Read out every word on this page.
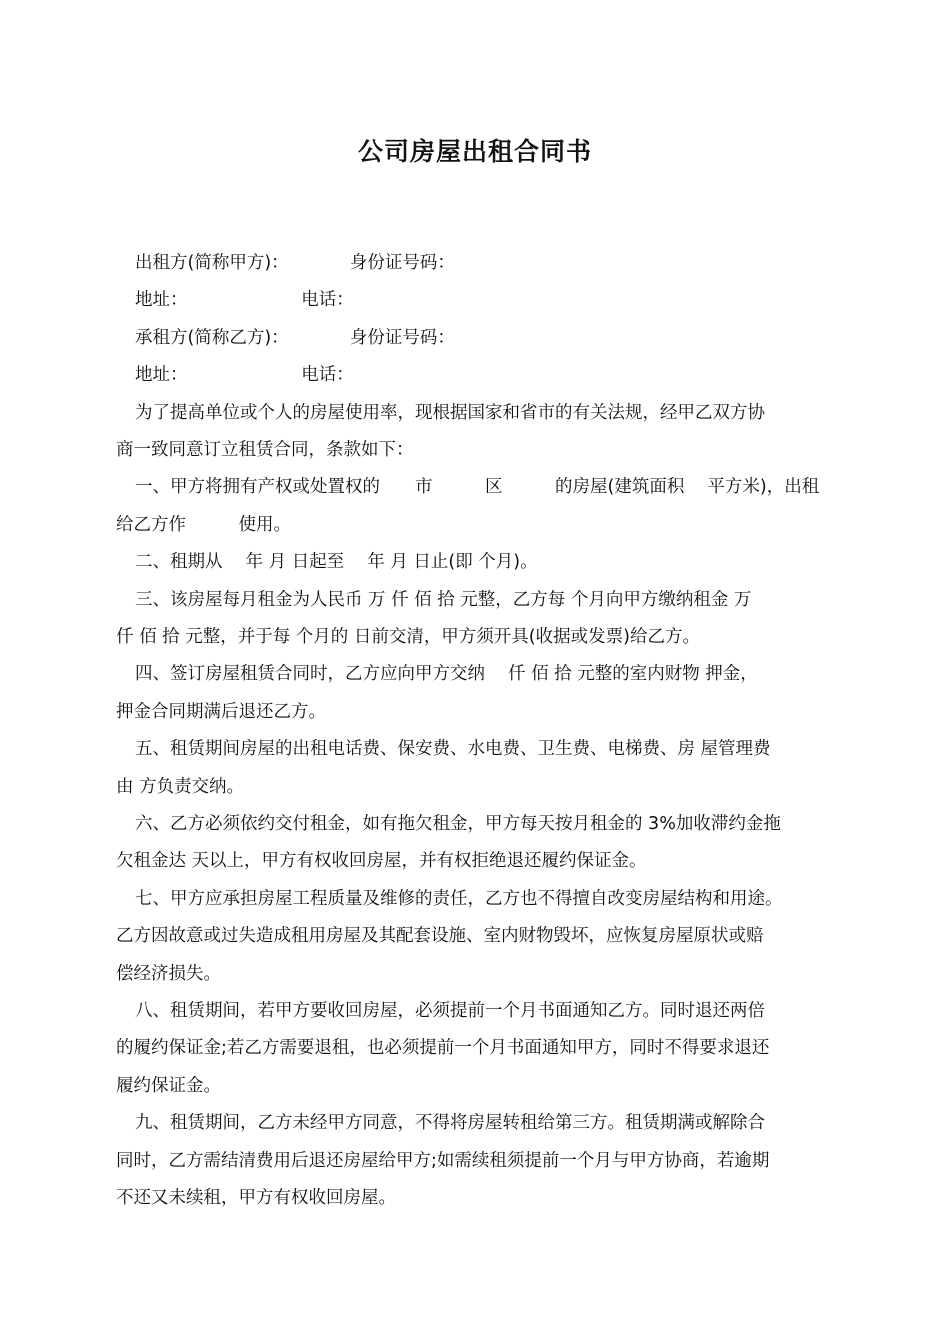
公司房屋出租合同书
出租方(简称甲方)：　　　　身份证号码：
地址：　　　　　　　电话：
承租方(简称乙方)：　　　　身份证号码：
地址：　　　　　　　电话：
为了提高单位或个人的房屋使用率，现根据国家和省市的有关法规，经甲乙双方协
商一致同意订立租赁合同，条款如下：
一、甲方将拥有产权或处置权的　　市　　　区　　　的房屋(建筑面积　 平方米)，出租
给乙方作　　　使用。
二、租期从　 年 月 日起至　 年 月 日止(即 个月)。
三、该房屋每月租金为人民币 万 仟 佰 拾 元整，乙方每 个月向甲方缴纳租金 万
仟 佰 拾 元整，并于每 个月的 日前交清，甲方须开具(收据或发票)给乙方。
四、签订房屋租赁合同时，乙方应向甲方交纳　 仟 佰 拾 元整的室内财物 押金，
押金合同期满后退还乙方。
五、租赁期间房屋的出租电话费、保安费、水电费、卫生费、电梯费、房 屋管理费
由 方负责交纳。
六、乙方必须依约交付租金，如有拖欠租金，甲方每天按月租金的 3%加收滞约金拖
欠租金达 天以上，甲方有权收回房屋，并有权拒绝退还履约保证金。
七、甲方应承担房屋工程质量及维修的责任，乙方也不得擅自改变房屋结构和用途。
乙方因故意或过失造成租用房屋及其配套设施、室内财物毁坏，应恢复房屋原状或赔
偿经济损失。
八、租赁期间，若甲方要收回房屋，必须提前一个月书面通知乙方。同时退还两倍
的履约保证金;若乙方需要退租，也必须提前一个月书面通知甲方，同时不得要求退还
履约保证金。
九、租赁期间，乙方未经甲方同意，不得将房屋转租给第三方。租赁期满或解除合
同时，乙方需结清费用后退还房屋给甲方;如需续租须提前一个月与甲方协商，若逾期
不还又未续租，甲方有权收回房屋。
